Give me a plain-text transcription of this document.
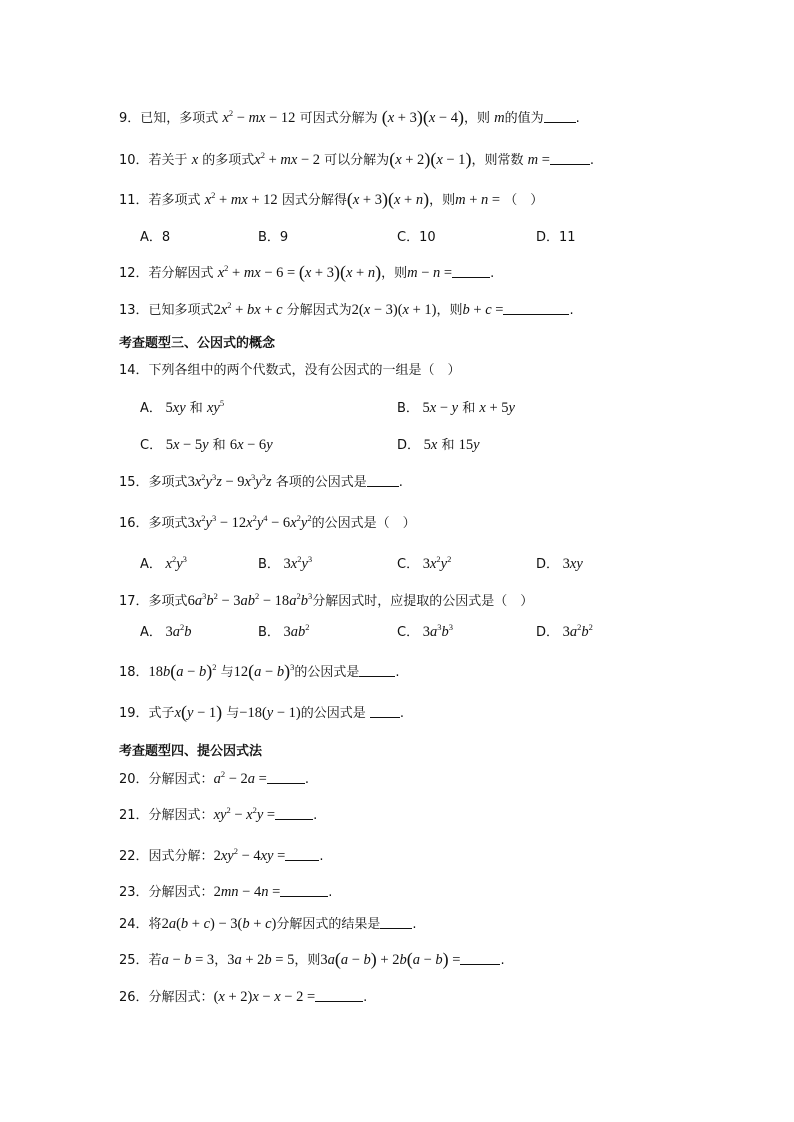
9．已知，多项式 $x^2$ − mx − 12 可因式分解为 (x + 3)(x − 4)，则 m的值为 .
10．若关于 x 的多项式$x^2$ + mx − 2 可以分解为(x + 2)(x − 1)，则常数 m =	.
11．若多项式 $x^2$ + mx + 12 因式分解得(x + 3)(x + n)，则m + n = （　）
A．8	B．9	C．10	D．11
12．若分解因式 $x^2$ + mx − 6 = (x + 3)(x + n)，则m − n =	.
13．已知多项式$2x^2$ + bx + c 分解因式为2(x − 3)(x + 1)，则b + c =	.
考查题型三、公因式的概念
14．下列各组中的两个代数式，没有公因式的一组是（　）
A． 5xy 和 $xy^5$	B． 5x − y 和 x + 5y
C． 5x − 5y 和 6x − 6y	D． 5x 和 15y
15．多项式$3x^2y^3z - 9x^3y^3z$ 各项的公因式是 .
16．多项式$3x^2y^3 - 12x^2y^4 - 6x^2y^2$的公因式是（　）
A． $x^2y^3$	B． $3x^2y^3$	C． $3x^2y^2$	D． 3xy
17．多项式$6a^3b^2 - 3ab^2 - 18a^2b^3$分解因式时，应提取的公因式是（　）
A． $3a^2b$	B． $3ab^2$	C． $3a^3b^3$	D． $3a^2b^2$
18．$18b(a - b)^2$ 与$12(a - b)^3$的公因式是	.
19．式子x(y − 1) 与−18(y − 1)的公因式是 .
考查题型四、提公因式法
20．分解因式：$a^2 - 2a$ =	.
21．分解因式：$xy^2 - x^2y$ =	.
22．因式分解：$2xy^2 - 4xy$ =	.
23．分解因式：2mn − 4n =	.
24．将2a(b + c) − 3(b + c)分解因式的结果是 .
25．若a − b = 3，3a + 2b = 5，则3a(a − b) + 2b(a − b) =	.
26．分解因式：(x + 2)x − x − 2 =	.
